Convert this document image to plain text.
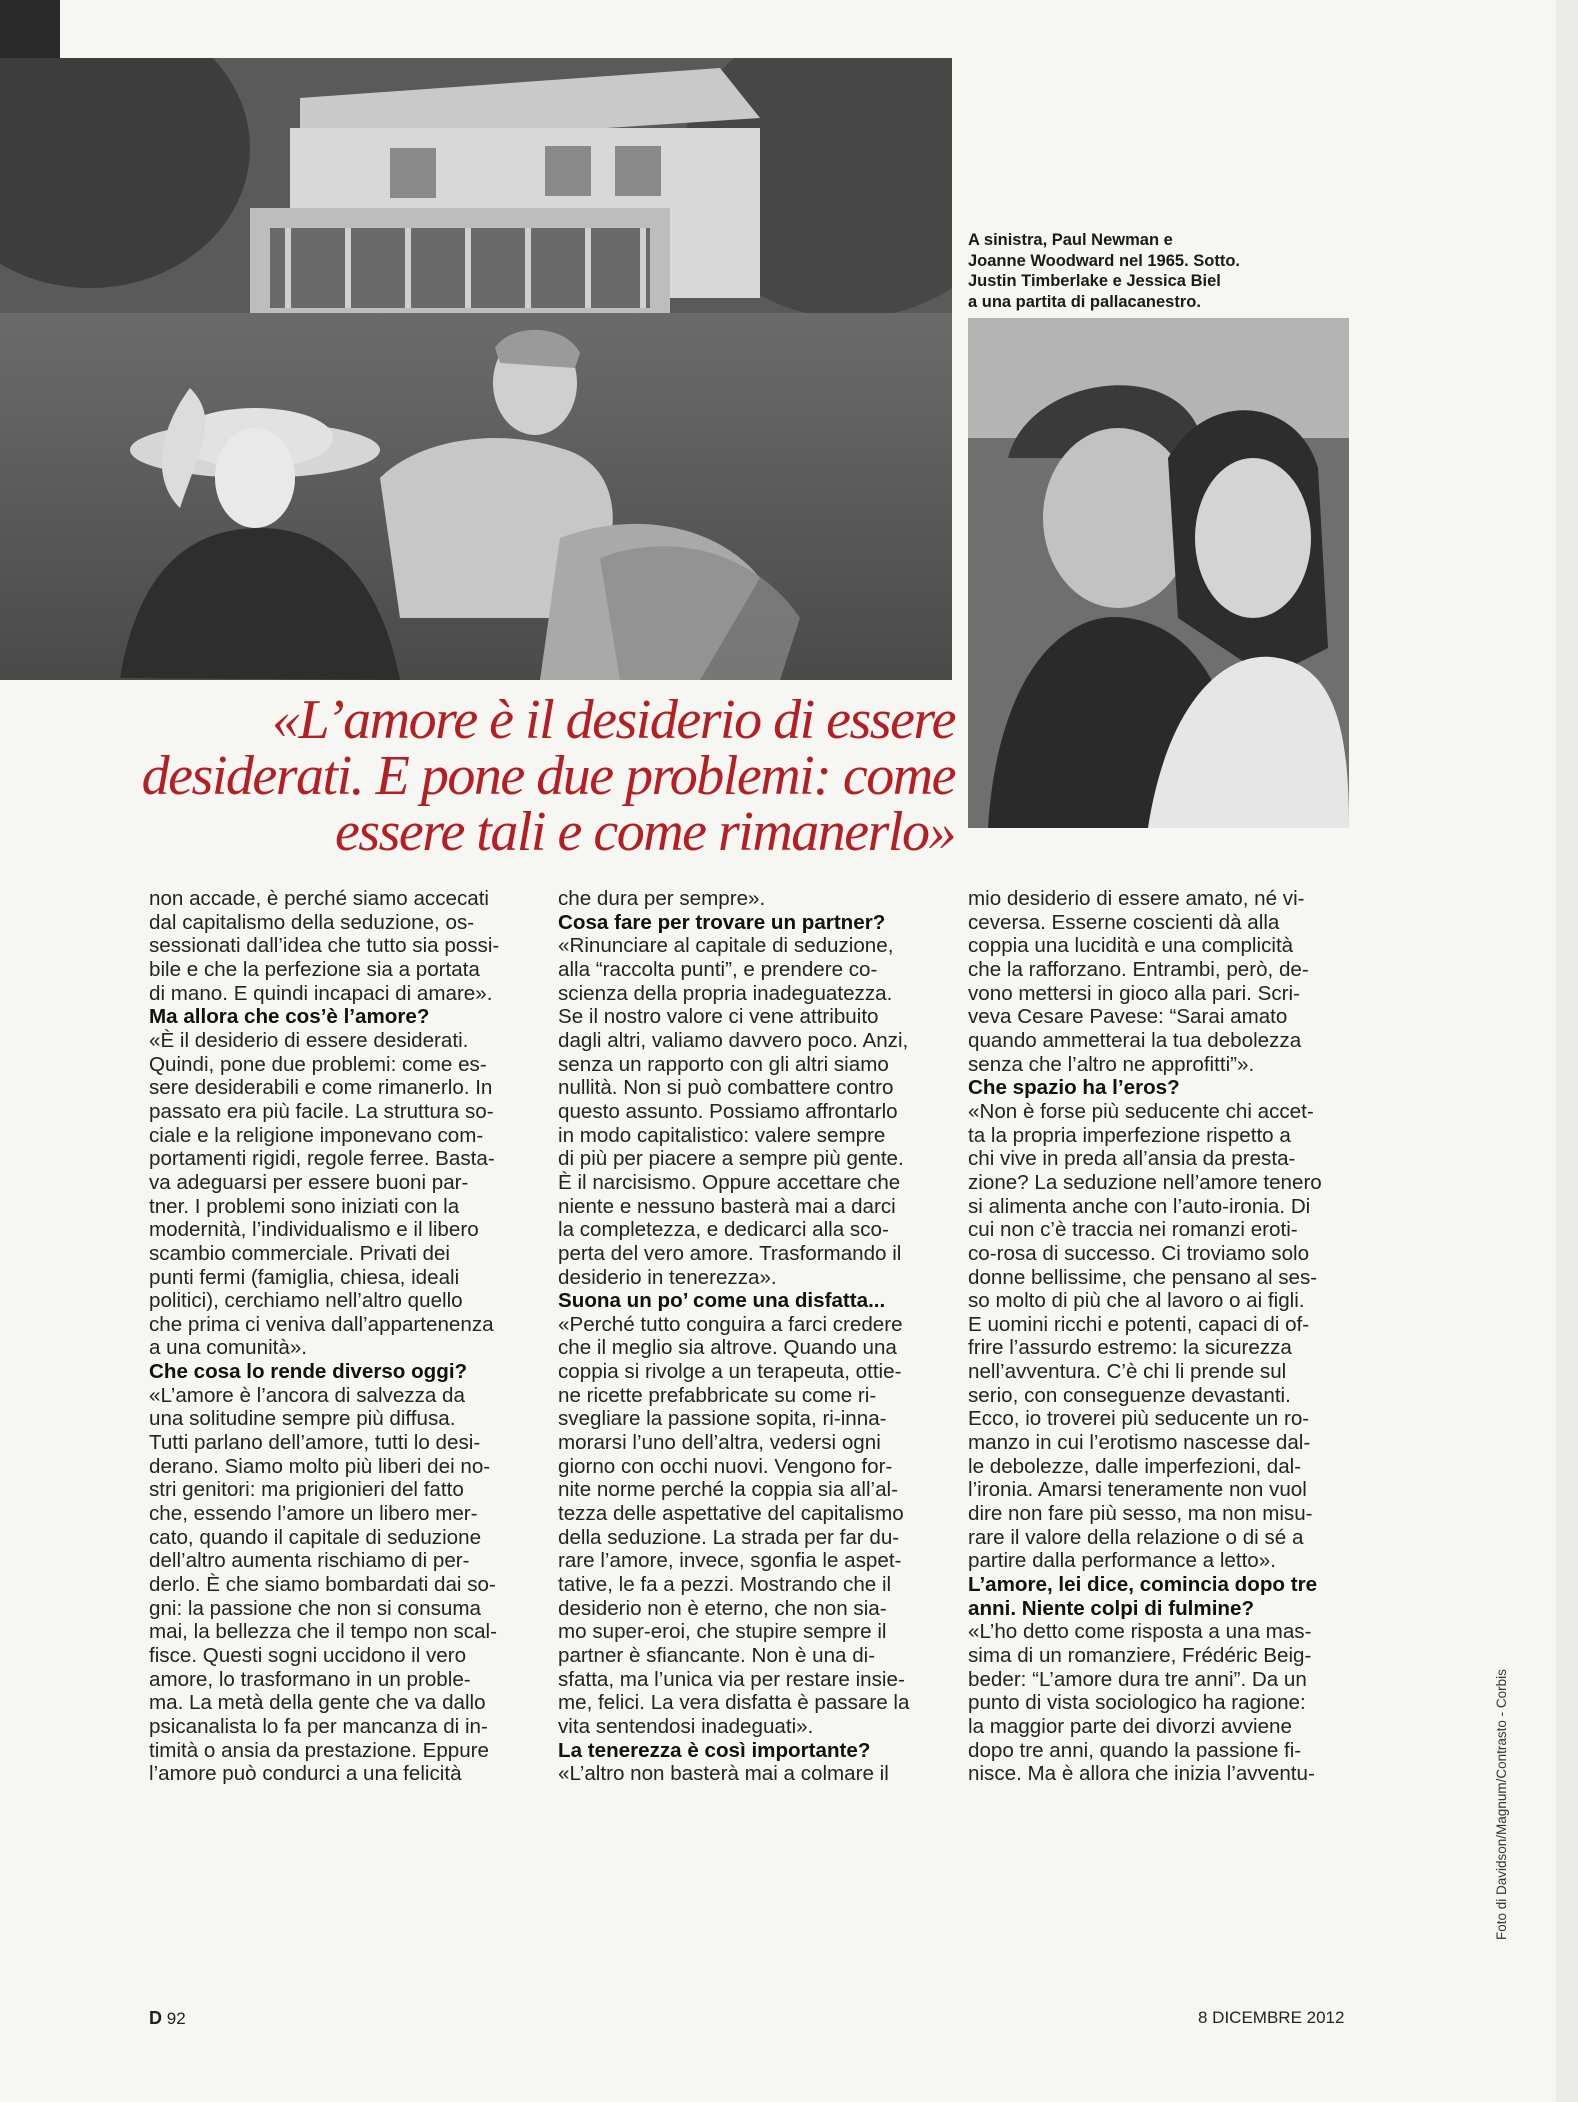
A sinistra, Paul Newman e
Joanne Woodward nel 1965. Sotto.
Justin Timberlake e Jessica Biel
a una partita di pallacanestro.
«L’amore è il desiderio di essere
desiderati. E pone due problemi: come
essere tali e come rimanerlo»

non accade, è perché siamo accecati

dal capitalismo della seduzione, os-

sessionati dall’idea che tutto sia possi-

bile e che la perfezione sia a portata

di mano. E quindi incapaci di amare».

Ma allora che cos’è l’amore?

«È il desiderio di essere desiderati.

Quindi, pone due problemi: come es-

sere desiderabili e come rimanerlo. In

passato era più facile. La struttura so-

ciale e la religione imponevano com-

portamenti rigidi, regole ferree. Basta-

va adeguarsi per essere buoni par-

tner. I problemi sono iniziati con la

modernità, l’individualismo e il libero

scambio commerciale. Privati dei

punti fermi (famiglia, chiesa, ideali

politici), cerchiamo nell’altro quello

che prima ci veniva dall’appartenenza

a una comunità».

Che cosa lo rende diverso oggi?

«L’amore è l’ancora di salvezza da

una solitudine sempre più diffusa.

Tutti parlano dell’amore, tutti lo desi-

derano. Siamo molto più liberi dei no-

stri genitori: ma prigionieri del fatto

che, essendo l’amore un libero mer-

cato, quando il capitale di seduzione

dell’altro aumenta rischiamo di per-

derlo. È che siamo bombardati dai so-

gni: la passione che non si consuma

mai, la bellezza che il tempo non scal-

fisce. Questi sogni uccidono il vero

amore, lo trasformano in un proble-

ma. La metà della gente che va dallo

psicanalista lo fa per mancanza di in-

timità o ansia da prestazione. Eppure

l’amore può condurci a una felicità

che dura per sempre».

Cosa fare per trovare un partner?

«Rinunciare al capitale di seduzione,

alla “raccolta punti”, e prendere co-

scienza della propria inadeguatezza.

Se il nostro valore ci vene attribuito

dagli altri, valiamo davvero poco. Anzi,

senza un rapporto con gli altri siamo

nullità. Non si può combattere contro

questo assunto. Possiamo affrontarlo

in modo capitalistico: valere sempre

di più per piacere a sempre più gente.

È il narcisismo. Oppure accettare che

niente e nessuno basterà mai a darci

la completezza, e dedicarci alla sco-

perta del vero amore. Trasformando il

desiderio in tenerezza».

Suona un po’ come una disfatta...

«Perché tutto conguira a farci credere

che il meglio sia altrove. Quando una

coppia si rivolge a un terapeuta, ottie-

ne ricette prefabbricate su come ri-

svegliare la passione sopita, ri-inna-

morarsi l’uno dell’altra, vedersi ogni

giorno con occhi nuovi. Vengono for-

nite norme perché la coppia sia all’al-

tezza delle aspettative del capitalismo

della seduzione. La strada per far du-

rare l’amore, invece, sgonfia le aspet-

tative, le fa a pezzi. Mostrando che il

desiderio non è eterno, che non sia-

mo super-eroi, che stupire sempre il

partner è sfiancante. Non è una di-

sfatta, ma l’unica via per restare insie-

me, felici. La vera disfatta è passare la

vita sentendosi inadeguati».

La tenerezza è così importante?

«L’altro non basterà mai a colmare il

mio desiderio di essere amato, né vi-

ceversa. Esserne coscienti dà alla

coppia una lucidità e una complicità

che la rafforzano. Entrambi, però, de-

vono mettersi in gioco alla pari. Scri-

veva Cesare Pavese: “Sarai amato

quando ammetterai la tua debolezza

senza che l’altro ne approfitti”».

Che spazio ha l’eros?

«Non è forse più seducente chi accet-

ta la propria imperfezione rispetto a

chi vive in preda all’ansia da presta-

zione? La seduzione nell’amore tenero

si alimenta anche con l’auto-ironia. Di

cui non c’è traccia nei romanzi eroti-

co-rosa di successo. Ci troviamo solo

donne bellissime, che pensano al ses-

so molto di più che al lavoro o ai figli.

E uomini ricchi e potenti, capaci di of-

frire l’assurdo estremo: la sicurezza

nell’avventura. C’è chi li prende sul

serio, con conseguenze devastanti.

Ecco, io troverei più seducente un ro-

manzo in cui l’erotismo nascesse dal-

le debolezze, dalle imperfezioni, dal-

l’ironia. Amarsi teneramente non vuol

dire non fare più sesso, ma non misu-

rare il valore della relazione o di sé a

partire dalla performance a letto».

L’amore, lei dice, comincia dopo tre

anni. Niente colpi di fulmine?

«L’ho detto come risposta a una mas-

sima di un romanziere, Frédéric Beig-

beder: “L’amore dura tre anni”. Da un

punto di vista sociologico ha ragione:

la maggior parte dei divorzi avviene

dopo tre anni, quando la passione fi-

nisce. Ma è allora che inizia l’avventu-	Foto di Davidson/Magnum/Contrasto - Corbis
D 92	8 DICEMBRE 2012
